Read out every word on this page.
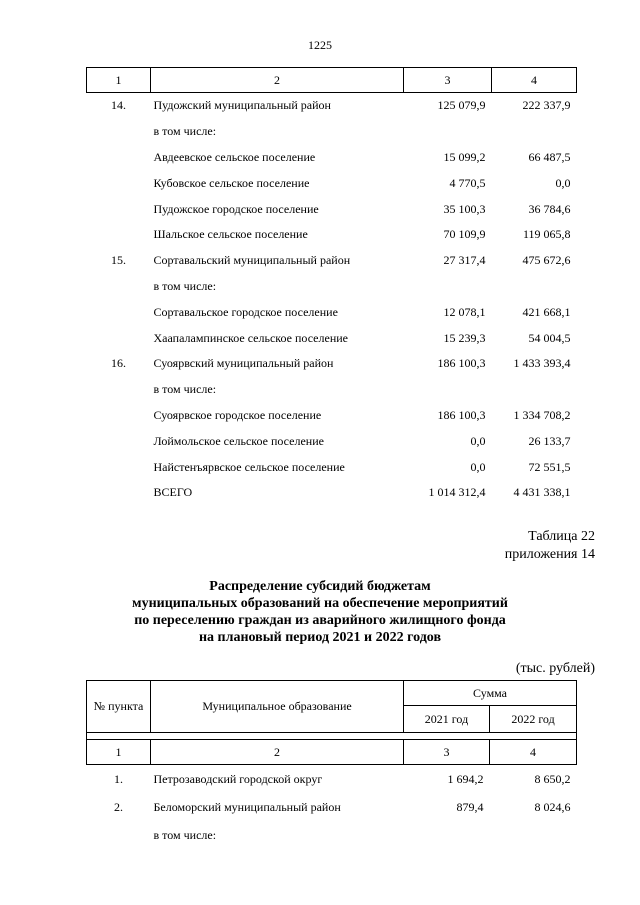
1225
1	2	3	4
14.	Пудожский муниципальный район	125 079,9	222 337,9
	в том числе:		
	Авдеевское сельское поселение	15 099,2	66 487,5
	Кубовское сельское поселение	4 770,5	0,0
	Пудожское городское поселение	35 100,3	36 784,6
	Шальское сельское поселение	70 109,9	119 065,8
15.	Сортавальский муниципальный район	27 317,4	475 672,6
	в том числе:		
	Сортавальское городское поселение	12 078,1	421 668,1
	Хаапалампинское сельское поселение	15 239,3	54 004,5
16.	Суоярвский муниципальный район	186 100,3	1 433 393,4
	в том числе:		
	Суоярвское городское поселение	186 100,3	1 334 708,2
	Лоймольское сельское поселение	0,0	26 133,7
	Найстенъярвское сельское поселение	0,0	72 551,5
	ВСЕГО	1 014 312,4	4 431 338,1
Таблица 22
приложения 14
Распределение субсидий бюджетам
муниципальных образований на обеспечение мероприятий
по переселению граждан из аварийного жилищного фонда
на плановый период 2021 и 2022 годов
(тыс. рублей)
№ пункта	Муниципальное образование	Сумма	
		2021 год	2022 год

1	2	3	4
1.	Петрозаводский городской округ	1 694,2	8 650,2
2.	Беломорский муниципальный район	879,4	8 024,6
	в том числе:		
